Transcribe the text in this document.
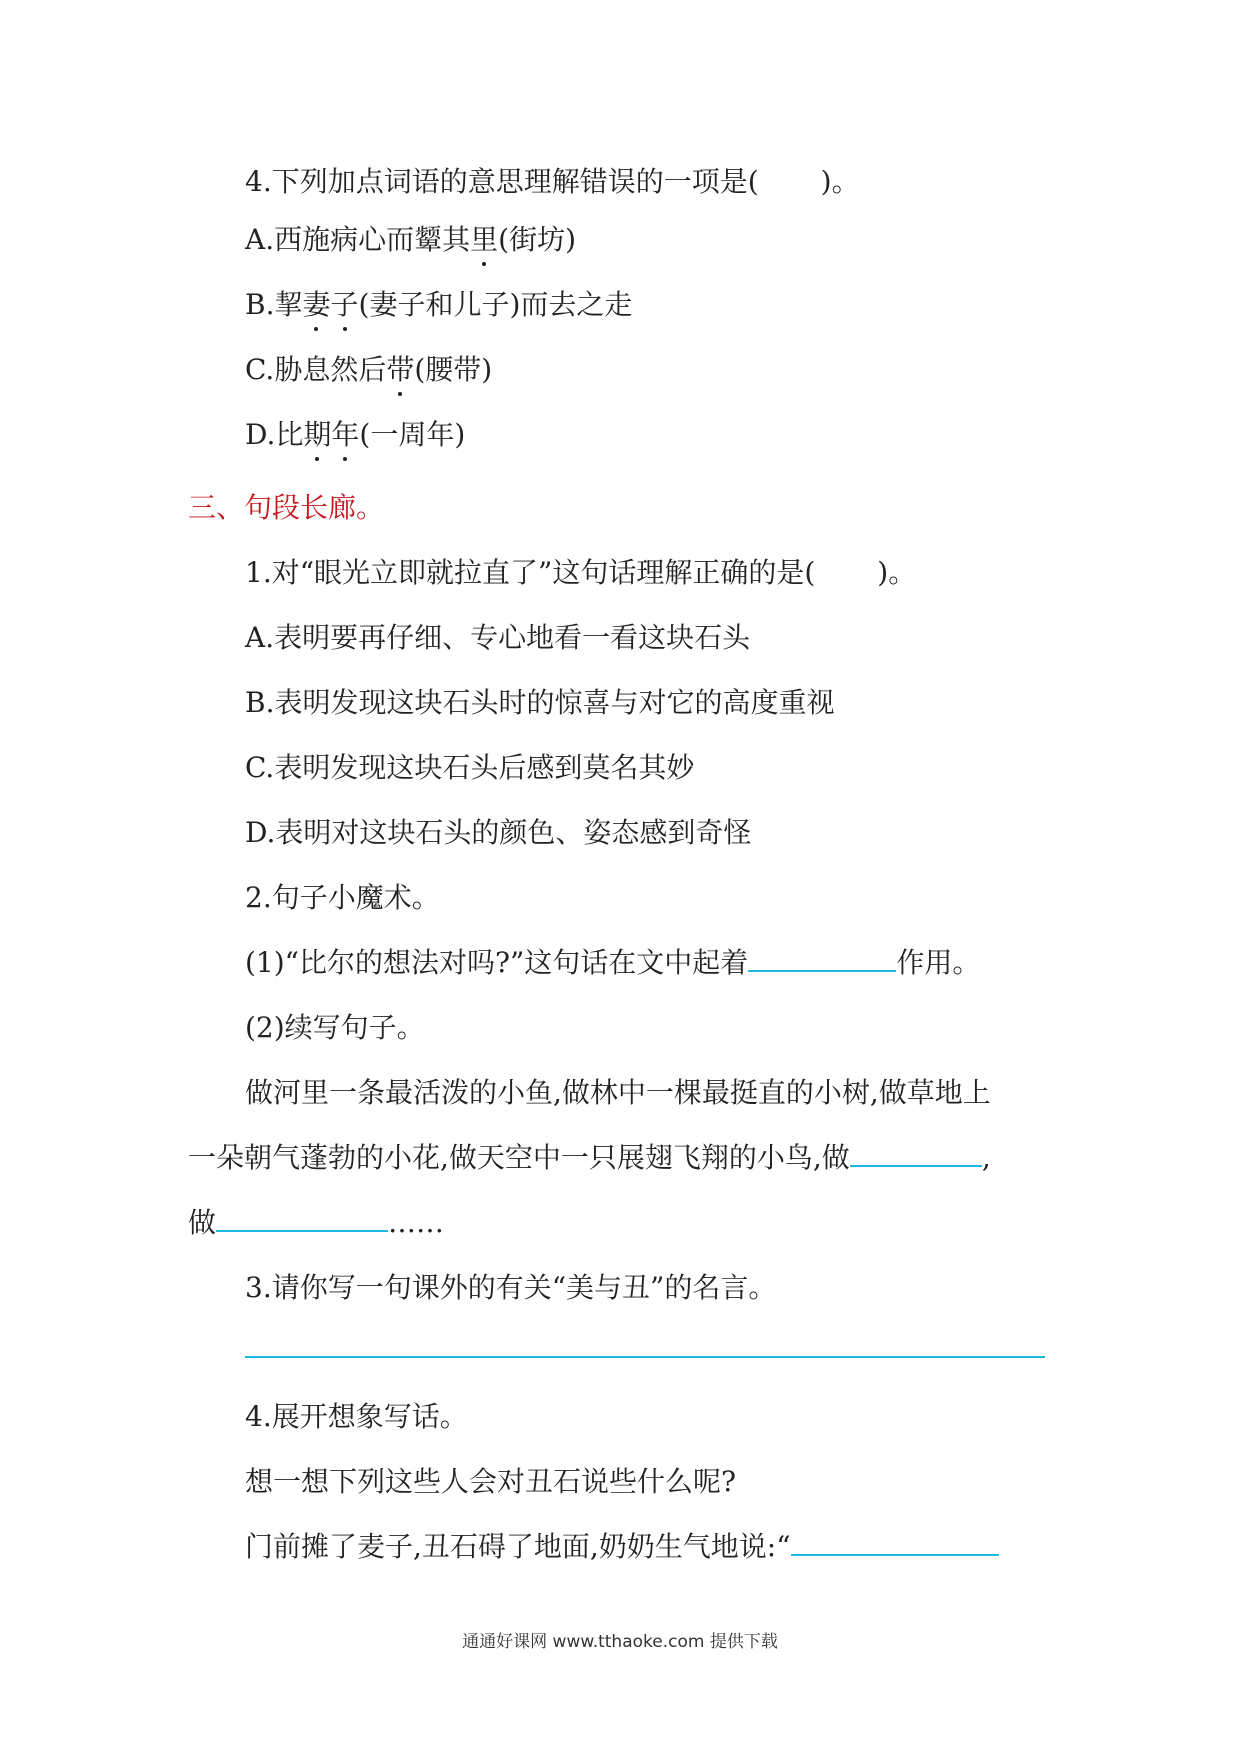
4.下列加点词语的意思理解错误的一项是( )。
A.西施病心而颦其里(街坊)
B.挈妻子(妻子和儿子)而去之走
C.胁息然后带(腰带)
D.比期年(一周年)
三、句段长廊。
1.对“眼光立即就拉直了”这句话理解正确的是( )。
A.表明要再仔细、专心地看一看这块石头
B.表明发现这块石头时的惊喜与对它的高度重视
C.表明发现这块石头后感到莫名其妙
D.表明对这块石头的颜色、姿态感到奇怪
2.句子小魔术。
(1)“比尔的想法对吗?”这句话在文中起着	作用。
(2)续写句子。
做河里一条最活泼的小鱼,做林中一棵最挺直的小树,做草地上
一朵朝气蓬勃的小花,做天空中一只展翅飞翔的小鸟,做	,
做	……
3.请你写一句课外的有关“美与丑”的名言。
4.展开想象写话。
想一想下列这些人会对丑石说些什么呢?
门前摊了麦子,丑石碍了地面,奶奶生气地说:“
通通好课网 www.tthaoke.com 提供下载
